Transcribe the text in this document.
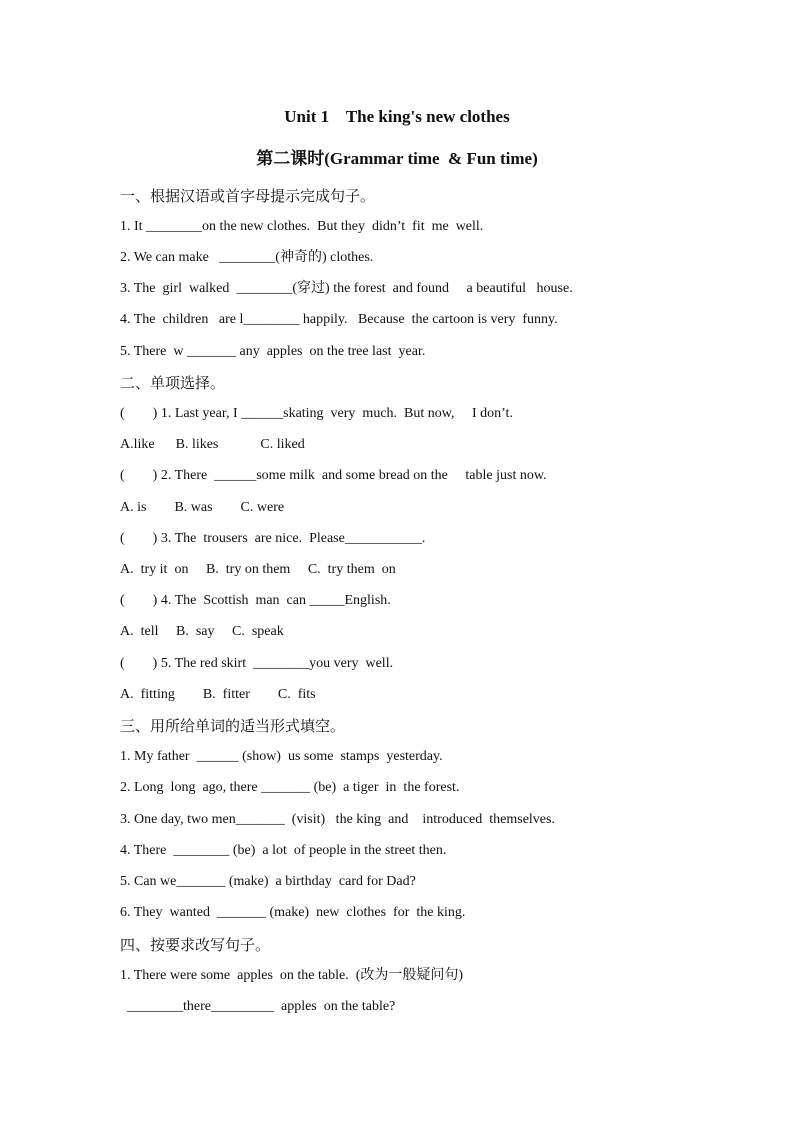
Unit 1    The king's new clothes
第二课时(Grammar time  & Fun time)
一、根据汉语或首字母提示完成句子。
1. It ________on the new clothes.  But they  didn’t  fit  me  well.
2. We can make   ________(神奇的) clothes.
3. The  girl  walked  ________(穿过) the forest  and found     a beautiful   house.
4. The  children   are l________ happily.   Because  the cartoon is very  funny.
5. There  w _______ any  apples  on the tree last  year.
二、单项选择。
(        ) 1. Last year, I ______skating  very  much.  But now,     I don’t.
A.like      B. likes            C. liked
(        ) 2. There  ______some milk  and some bread on the     table just now.
A. is        B. was        C. were
(        ) 3. The  trousers  are nice.  Please___________.
A.  try it  on     B.  try on them     C.  try them  on
(        ) 4. The  Scottish  man  can _____English.
A.  tell     B.  say     C.  speak
(        ) 5. The red skirt  ________you very  well.
A.  fitting        B.  fitter        C.  fits
三、用所给单词的适当形式填空。
1. My father  ______ (show)  us some  stamps  yesterday.
2. Long  long  ago, there _______ (be)  a tiger  in  the forest.
3. One day, two men_______  (visit)   the king  and    introduced  themselves.
4. There  ________ (be)  a lot  of people in the street then.
5. Can we_______ (make)  a birthday  card for Dad?
6. They  wanted  _______ (make)  new  clothes  for  the king.
四、按要求改写句子。
1. There were some  apples  on the table.  (改为一般疑问句)
________there_________  apples  on the table?
